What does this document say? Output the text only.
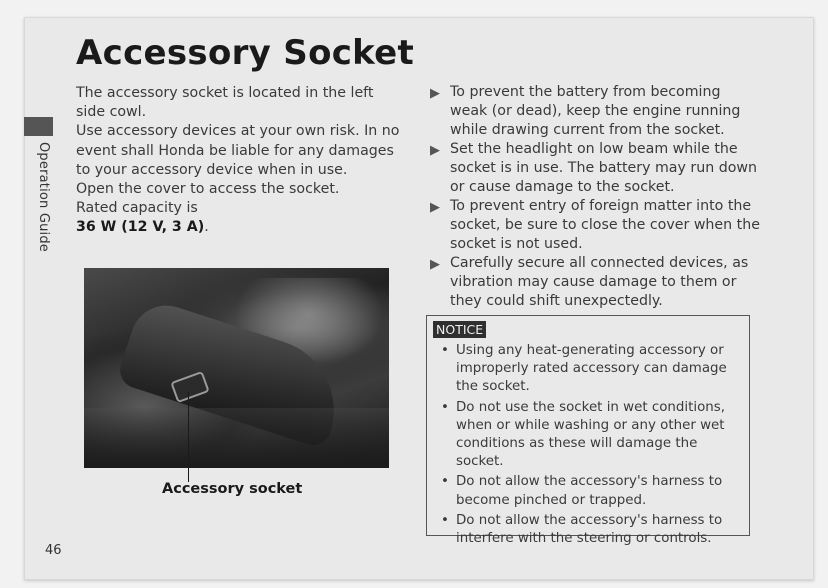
Operation Guide
Accessory Socket

The accessory socket is located in the left side cowl.

Use accessory devices at your own risk. In no event shall Honda be liable for any damages to your accessory device when in use.

Open the cover to access the socket.

Rated capacity is

36 W (12 V, 3 A).

Accessory socket
▶ To prevent the battery from becoming weak (or dead), keep the engine running while drawing current from the socket.
▶ Set the headlight on low beam while the socket is in use. The battery may run down or cause damage to the socket.
▶ To prevent entry of foreign matter into the socket, be sure to close the cover when the socket is not used.
▶ Carefully secure all connected devices, as vibration may cause damage to them or they could shift unexpectedly.
NOTICE
• Using any heat-generating accessory or improperly rated accessory can damage the socket.
• Do not use the socket in wet conditions, when or while washing or any other wet conditions as these will damage the socket.
• Do not allow the accessory's harness to become pinched or trapped.
• Do not allow the accessory's harness to interfere with the steering or controls.
46
